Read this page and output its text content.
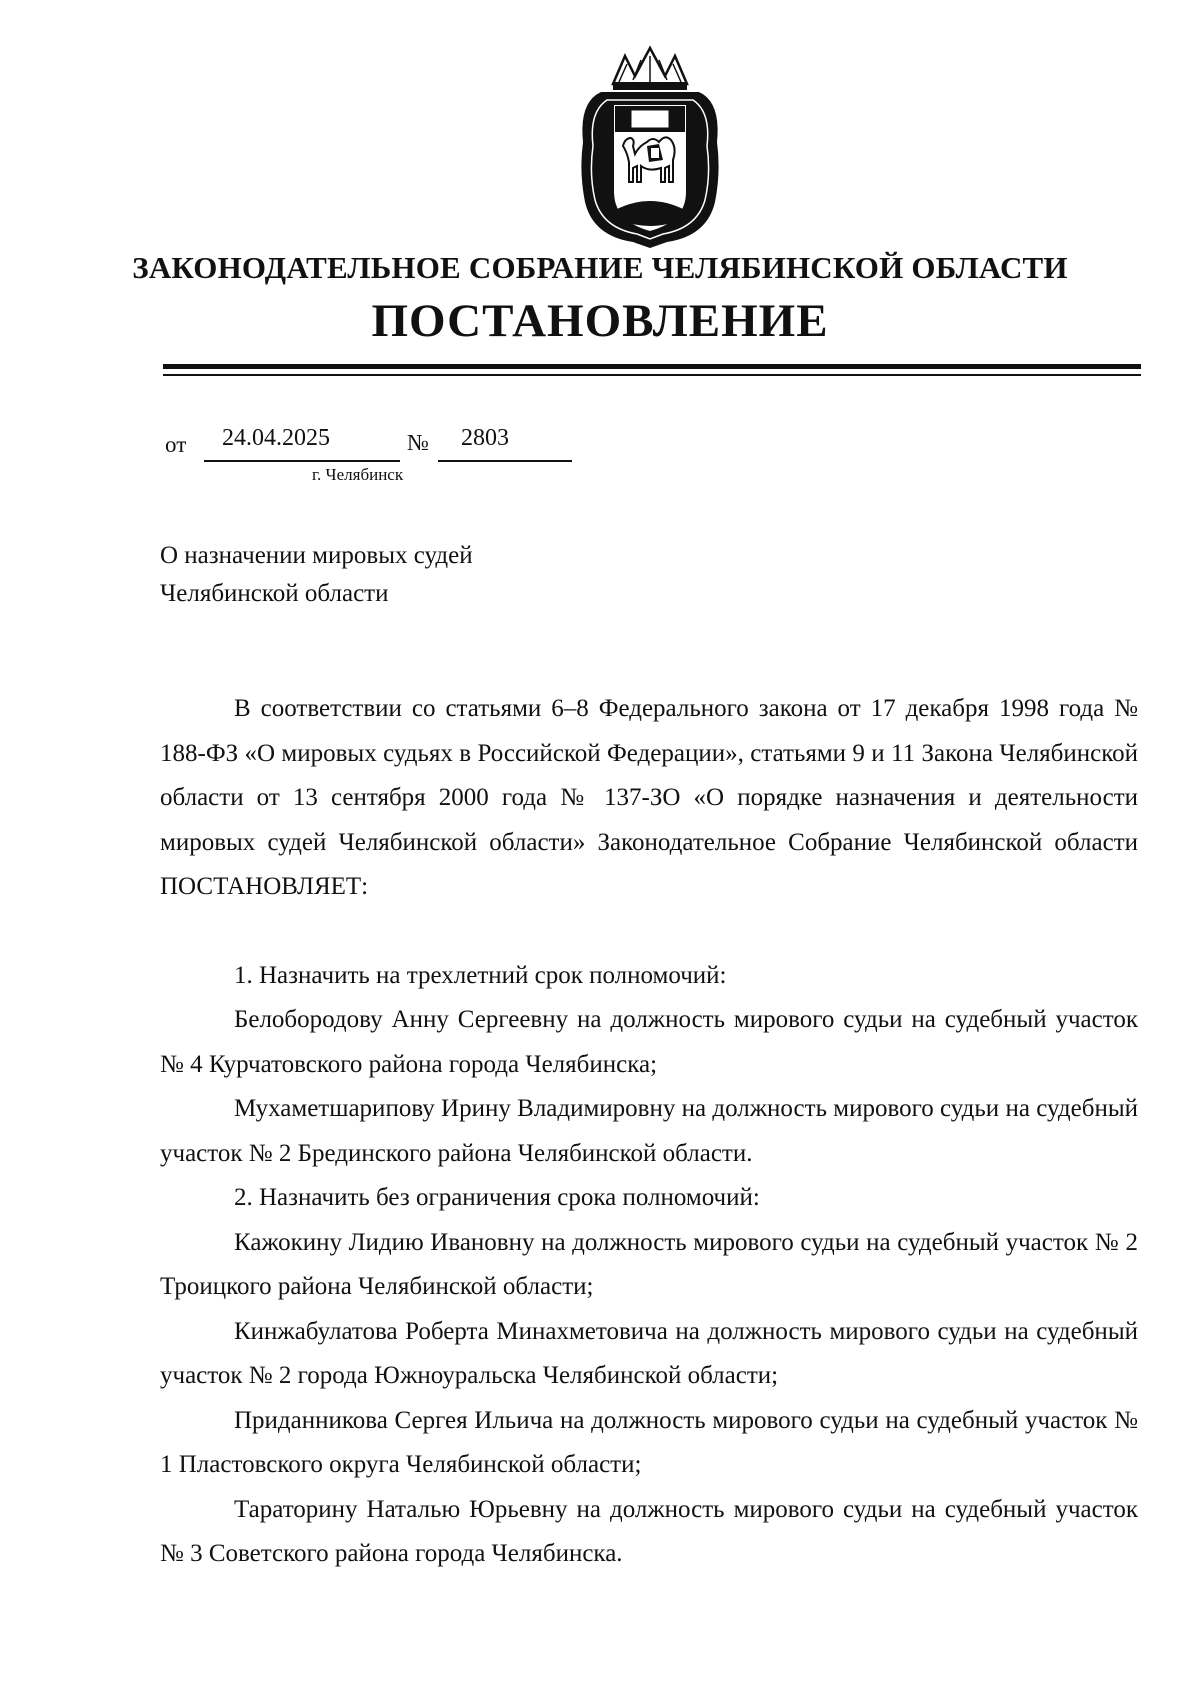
ЗАКОНОДАТЕЛЬНОЕ СОБРАНИЕ ЧЕЛЯБИНСКОЙ ОБЛАСТИ
ПОСТАНОВЛЕНИЕ
от 24.04.2025	№ 2803
г. Челябинск
О назначении мировых судей
Челябинской области

В соответствии со статьями 6–8 Федерального закона от 17 декабря 1998 года № 188-ФЗ «О мировых судьях в Российской Федерации», статьями 9 и 11 Закона Челябинской области от 13 сентября 2000 года № 137-ЗО «О порядке назначения и деятельности мировых судей Челябинской области» Законодательное Собрание Челябинской области ПОСТАНОВЛЯЕТ:

1. Назначить на трехлетний срок полномочий:

Белобородову Анну Сергеевну на должность мирового судьи на судебный участок № 4 Курчатовского района города Челябинска;

Мухаметшарипову Ирину Владимировну на должность мирового судьи на судебный участок № 2 Брединского района Челябинской области.

2. Назначить без ограничения срока полномочий:

Кажокину Лидию Ивановну на должность мирового судьи на судебный участок № 2 Троицкого района Челябинской области;

Кинжабулатова Роберта Минахметовича на должность мирового судьи на судебный участок № 2 города Южноуральска Челябинской области;

Приданникова Сергея Ильича на должность мирового судьи на судебный участок № 1 Пластовского округа Челябинской области;

Тараторину Наталью Юрьевну на должность мирового судьи на судебный участок № 3 Советского района города Челябинска.
